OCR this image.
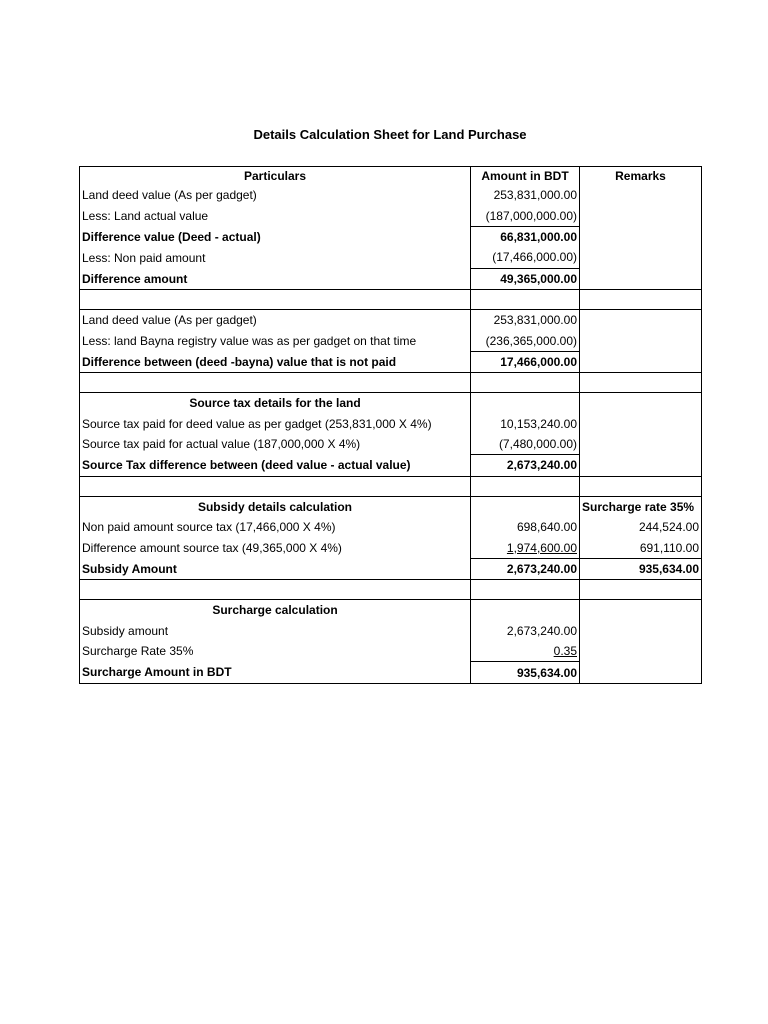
Details Calculation Sheet for Land Purchase
Particulars	Amount in BDT	Remarks
Land deed value (As per gadget)	253,831,000.00	
Less: Land actual value	(187,000,000.00)	
Difference value (Deed - actual)	66,831,000.00	
Less: Non paid amount	(17,466,000.00)	
Difference amount	49,365,000.00	

Land deed value (As per gadget)	253,831,000.00	
Less: land Bayna registry value was as per gadget on that time	(236,365,000.00)	
Difference between (deed -bayna) value that is not paid	17,466,000.00	

Source tax details for the land		
Source tax paid for deed value as per gadget (253,831,000 X 4%)	10,153,240.00	
Source tax paid for actual value (187,000,000 X 4%)	(7,480,000.00)	
Source Tax difference between (deed value - actual value)	2,673,240.00	

Subsidy details calculation		Surcharge rate 35%
Non paid amount source tax (17,466,000 X 4%)	698,640.00	244,524.00
Difference amount source tax (49,365,000 X 4%)	1,974,600.00	691,110.00
Subsidy Amount	2,673,240.00	935,634.00

Surcharge calculation		
Subsidy amount	2,673,240.00	
Surcharge Rate 35%	0.35	
Surcharge Amount in BDT	935,634.00	
